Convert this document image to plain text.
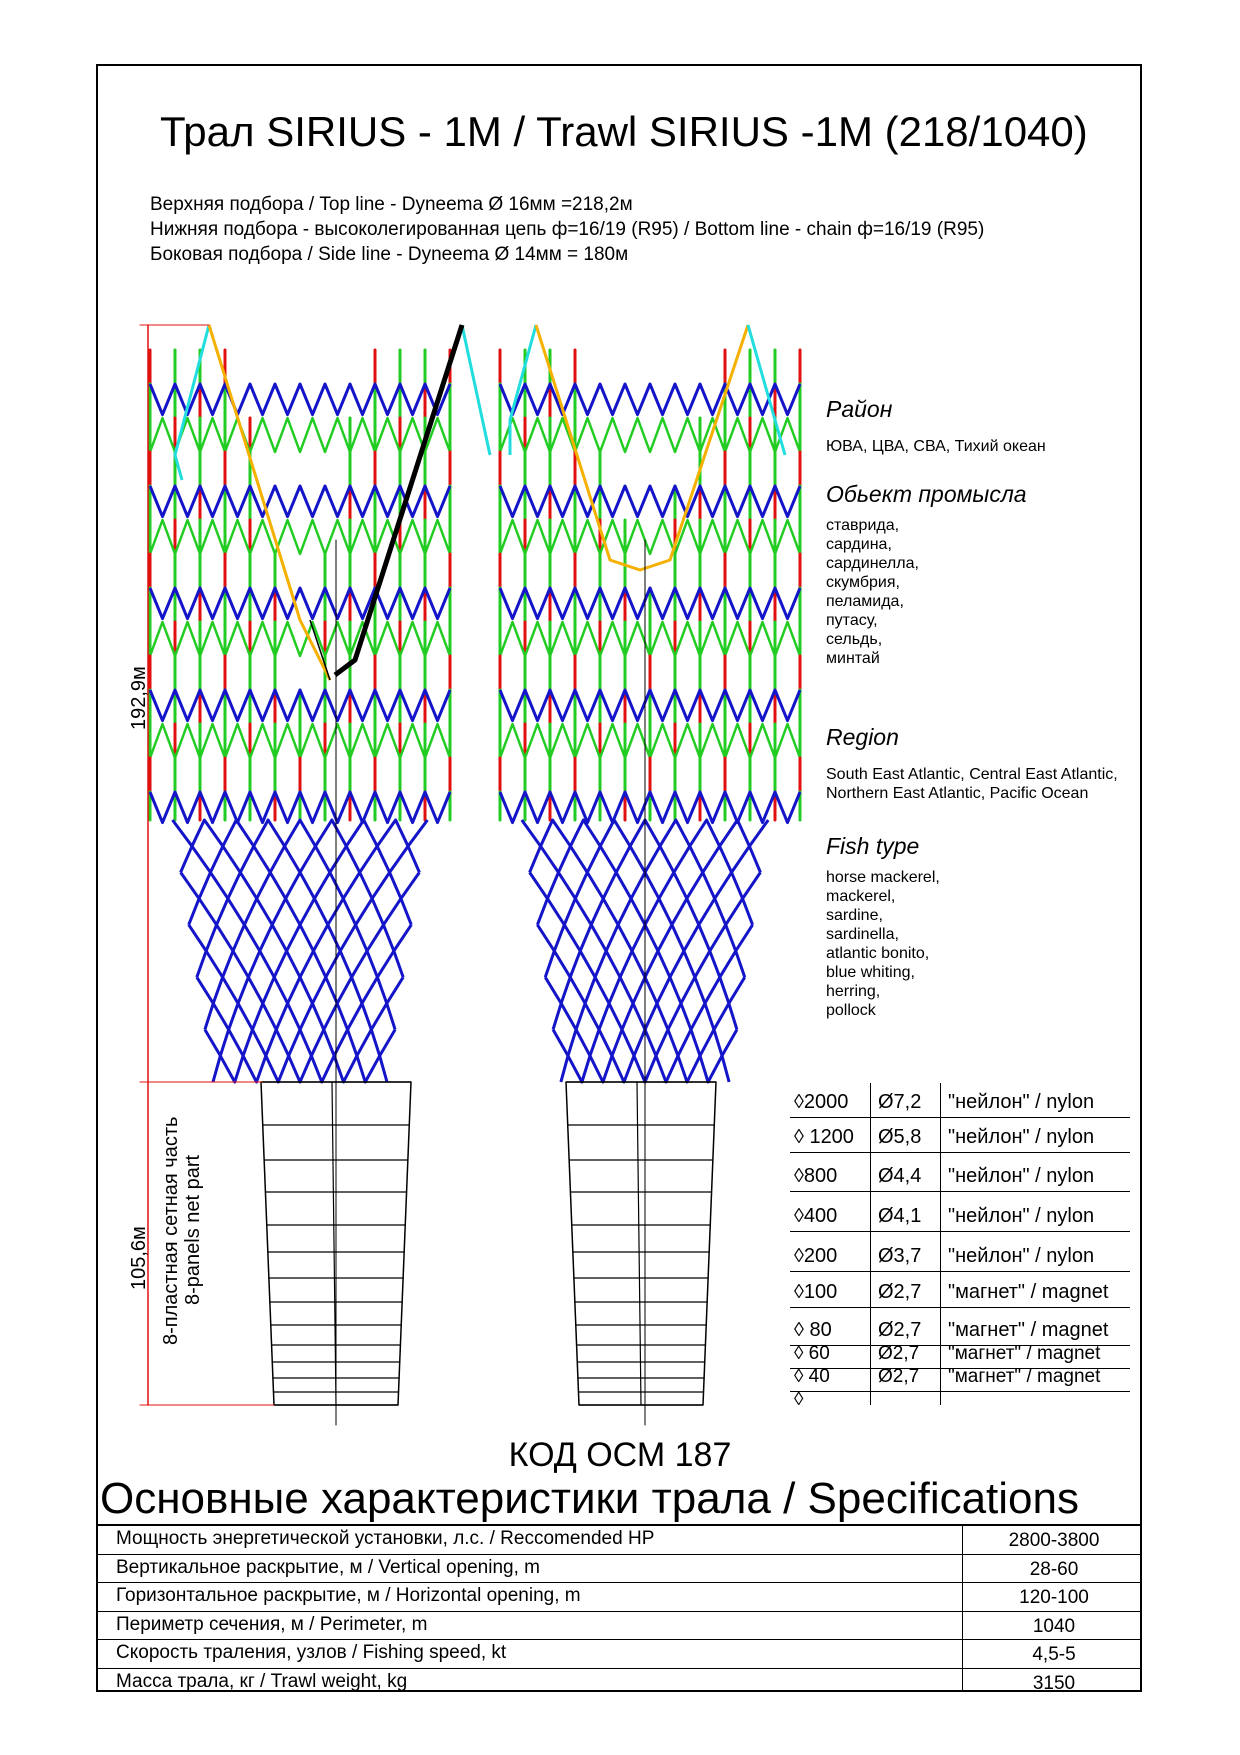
Трал SIRIUS - 1M / Trawl SIRIUS -1M (218/1040)
Верхняя подбора / Top line - Dyneema Ø 16мм =218,2м
Нижняя подбора - высоколегированная цепь ф=16/19 (R95) / Bottom line - chain ф=16/19 (R95)
Боковая подбора / Side line - Dyneema Ø 14мм = 180м
192,9м
105,6м 8-пластная сетная часть 8-panels net part
Район
ЮВА, ЦВА, СВА, Тихий океан
Обьект промысла
ставрида,
сардина,
сардинелла,
скумбрия,
пеламида,
путасу,
сельдь,
минтай
Region
South East Atlantic, Central East Atlantic,
Northern East Atlantic, Pacific Ocean
Fish type
horse mackerel,
mackerel,
sardine,
sardinella,
atlantic bonito,
blue whiting,
herring,
pollock
◊2000 Ø7,2 "нейлон" / nylon
◊ 1200 Ø5,8 "нейлон" / nylon
◊800 Ø4,4 "нейлон" / nylon
◊400 Ø4,1 "нейлон" / nylon
◊200 Ø3,7 "нейлон" / nylon
◊100 Ø2,7 "магнет" / magnet
◊ 80 Ø2,7 "магнет" / magnet
◊ 60	Ø2,7 "магнет" / magnet
◊ 40	Ø2,7 "магнет" / magnet
◊
КОД ОСМ 187
Основные характеристики трала / Specifications
Мощность энергетической установки, л.с. / Reccomended HP	2800-3800
Вертикальное раскрытие, м / Vertical opening, m	28-60
Горизонтальное раскрытие, м / Horizontal opening, m	120-100
Периметр сечения, м / Perimeter, m	1040
Скорость траления, узлов / Fishing speed, kt	4,5-5
Масса трала, кг / Trawl weight, kg	3150
